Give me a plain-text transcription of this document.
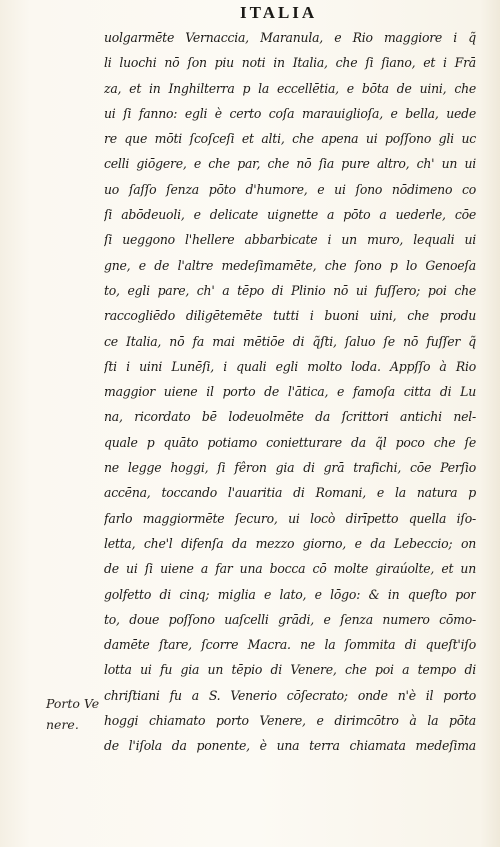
ITALIA
uolgarmēte Vernaccia, Maranula, e Rio maggiore i q̃
li luochi nō ſon piu noti in Italia, che ſi ſiano, et i Frā
za, et in Inghilterra p la eccellētia, e bōta de uini, che
ui ſi fanno: egli è certo coſa marauiglioſa, e bella, uede
re que mōti ſcoſceſi et alti, che apena ui poſſono gli uc
celli giōgere, e che par, che nō ſia pure altro, ch' un ui
uo ſaſſo ſenza pōto d'humore, e ui ſono nōdimeno co
ſi abōdeuoli, e delicate uignette a pōto a uederle, cōe
ſi ueggono l'hellere abbarbicate i un muro, lequali ui
gne, e de l'altre medeſimamēte, che ſono p lo Genoeſa
to, egli pare, ch' a tēpo di Plinio nō ui fuſſero; poi che
raccogliēdo diligētemēte tutti i buoni uini, che produ
ce Italia, nō fa mai mētiōe di q̃ſti, ſaluo ſe nō fuſſer q̃
ſti i uini Lunēſi, i quali egli molto loda. Appſſo à Rio
maggior uiene il porto de l'ātica, e famoſa citta di Lu
na, ricordato bē lodeuolmēte da ſcrittori antichi nel-
quale p quāto potiamo conietturare da q̃l poco che ſe
ne legge hoggi, ſi fêron gia di grā trafichi, cōe Perſio
accēna, toccando l'auaritia di Romani, e la natura p
farlo maggiormēte ſecuro, ui locò dirīpetto quella iſo-
letta, che'l difenſa da mezzo giorno, e da Lebeccio; on
de ui ſi uiene a far una bocca cō molte giraúolte, et un
golfetto di cinq; miglia e lato, e lōgo: & in queſto por
to, doue poſſono uaſcelli grādi, e ſenza numero cōmo-
damēte ſtare, ſcorre Macra. ne la ſommita di queſt'iſo
lotta ui fu gia un tēpio di Venere, che poi a tempo di
chriſtiani fu a S. Venerio cōſecrato; onde n'è il porto
hoggi chiamato porto Venere, e dirimcōtro à la pōta
de l'iſola da ponente, è una terra chiamata medeſima
Porto Ve
nere.
